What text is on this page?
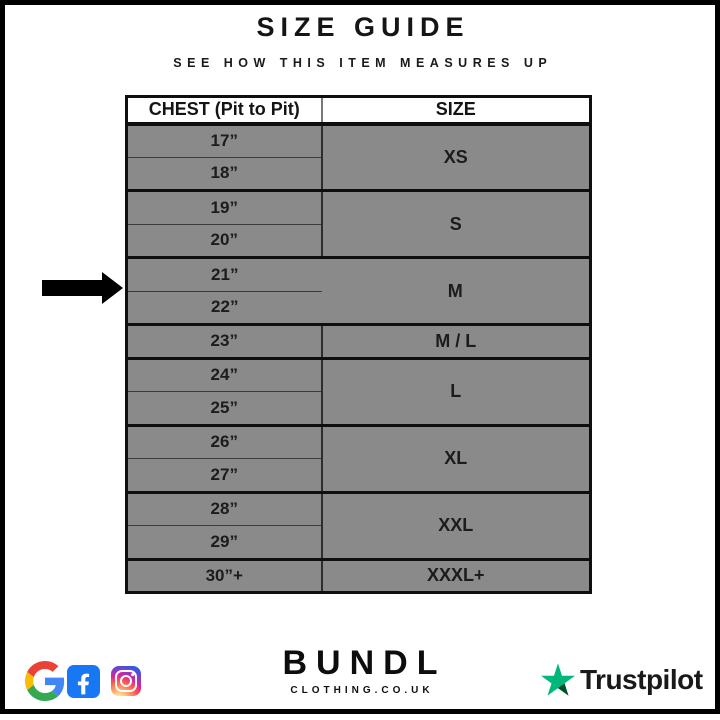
SIZE GUIDE
SEE HOW THIS ITEM MEASURES UP
CHEST (Pit to Pit)	SIZE
17”	XS
18”	
19”	S
20”	
21”	M
22”	
23”	M / L
24”	L
25”	
26”	XL
27”	
28”	XXL
29”	
30”+	XXXL+
BUNDL
CLOTHING.CO.UK	Trustpilot
